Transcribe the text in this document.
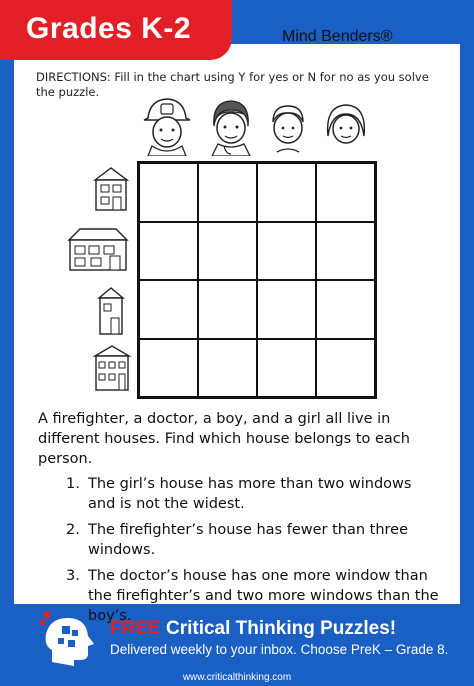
Grades K-2	Mind Benders®
DIRECTIONS: Fill in the chart using Y for yes or N for no as you solve the puzzle.
A firefighter, a doctor, a boy, and a girl all live in different houses. Find which house belongs to each person.
1. The girl’s house has more than two windows and is not the widest.
2. The firefighter’s house has fewer than three windows.
3. The doctor’s house has one more window than the firefighter’s and two more windows than the boy’s.
FREE Critical Thinking Puzzles!
Delivered weekly to your inbox. Choose PreK – Grade 8.
www.criticalthinking.com
